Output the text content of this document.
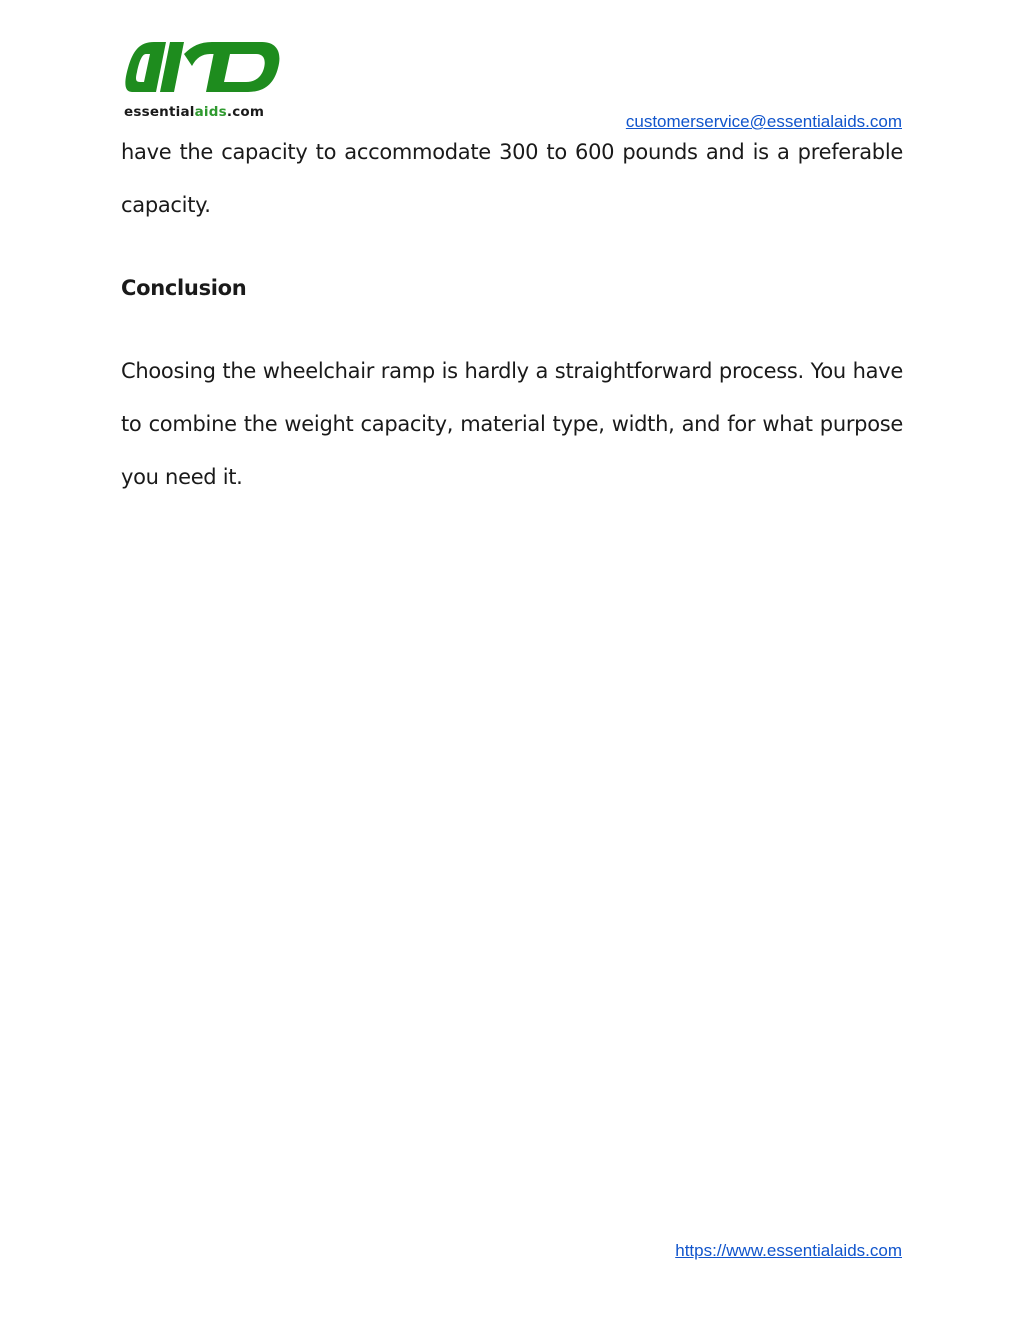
essentialaids.com	customerservice@essentialaids.com

have the capacity to accommodate 300 to 600 pounds and is a preferable capacity.

Conclusion

Choosing the wheelchair ramp is hardly a straightforward process. You have to combine the weight capacity, material type, width, and for what purpose you need it.

https://www.essentialaids.com
